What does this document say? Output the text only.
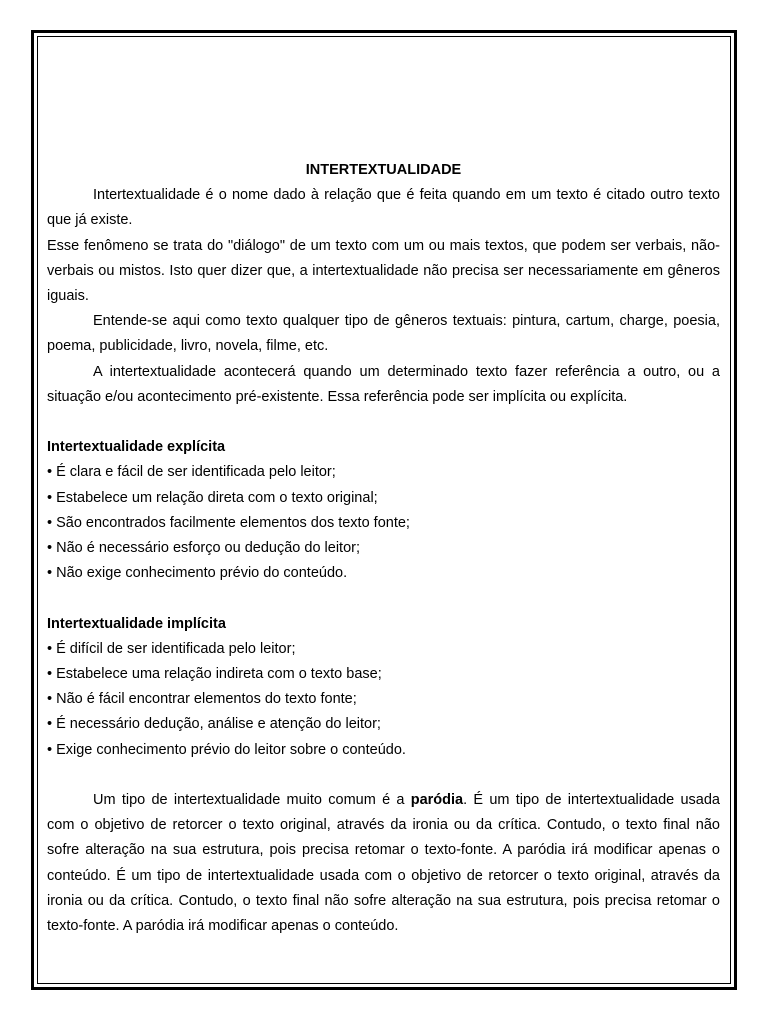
INTERTEXTUALIDADE

Intertextualidade é o nome dado à relação que é feita quando em um texto é citado outro texto que já existe.

Esse fenômeno se trata do "diálogo" de um texto com um ou mais textos, que podem ser verbais, não-verbais ou mistos. Isto quer dizer que, a intertextualidade não precisa ser necessariamente em gêneros iguais.

Entende-se aqui como texto qualquer tipo de gêneros textuais: pintura, cartum, charge, poesia, poema, publicidade, livro, novela, filme, etc.

A intertextualidade acontecerá quando um determinado texto fazer referência a outro, ou a situação e/ou acontecimento pré-existente. Essa referência pode ser implícita ou explícita.

Intertextualidade explícita
• É clara e fácil de ser identificada pelo leitor;
• Estabelece um relação direta com o texto original;
• São encontrados facilmente elementos dos texto fonte;
• Não é necessário esforço ou dedução do leitor;
• Não exige conhecimento prévio do conteúdo.
Intertextualidade implícita
• É difícil de ser identificada pelo leitor;
• Estabelece uma relação indireta com o texto base;
• Não é fácil encontrar elementos do texto fonte;
• É necessário dedução, análise e atenção do leitor;
• Exige conhecimento prévio do leitor sobre o conteúdo.

Um tipo de intertextualidade muito comum é a paródia. É um tipo de intertextualidade usada com o objetivo de retorcer o texto original, através da ironia ou da crítica. Contudo, o texto final não sofre alteração na sua estrutura, pois precisa retomar o texto-fonte. A paródia irá modificar apenas o conteúdo. É um tipo de intertextualidade usada com o objetivo de retorcer o texto original, através da ironia ou da crítica. Contudo, o texto final não sofre alteração na sua estrutura, pois precisa retomar o texto-fonte. A paródia irá modificar apenas o conteúdo.
